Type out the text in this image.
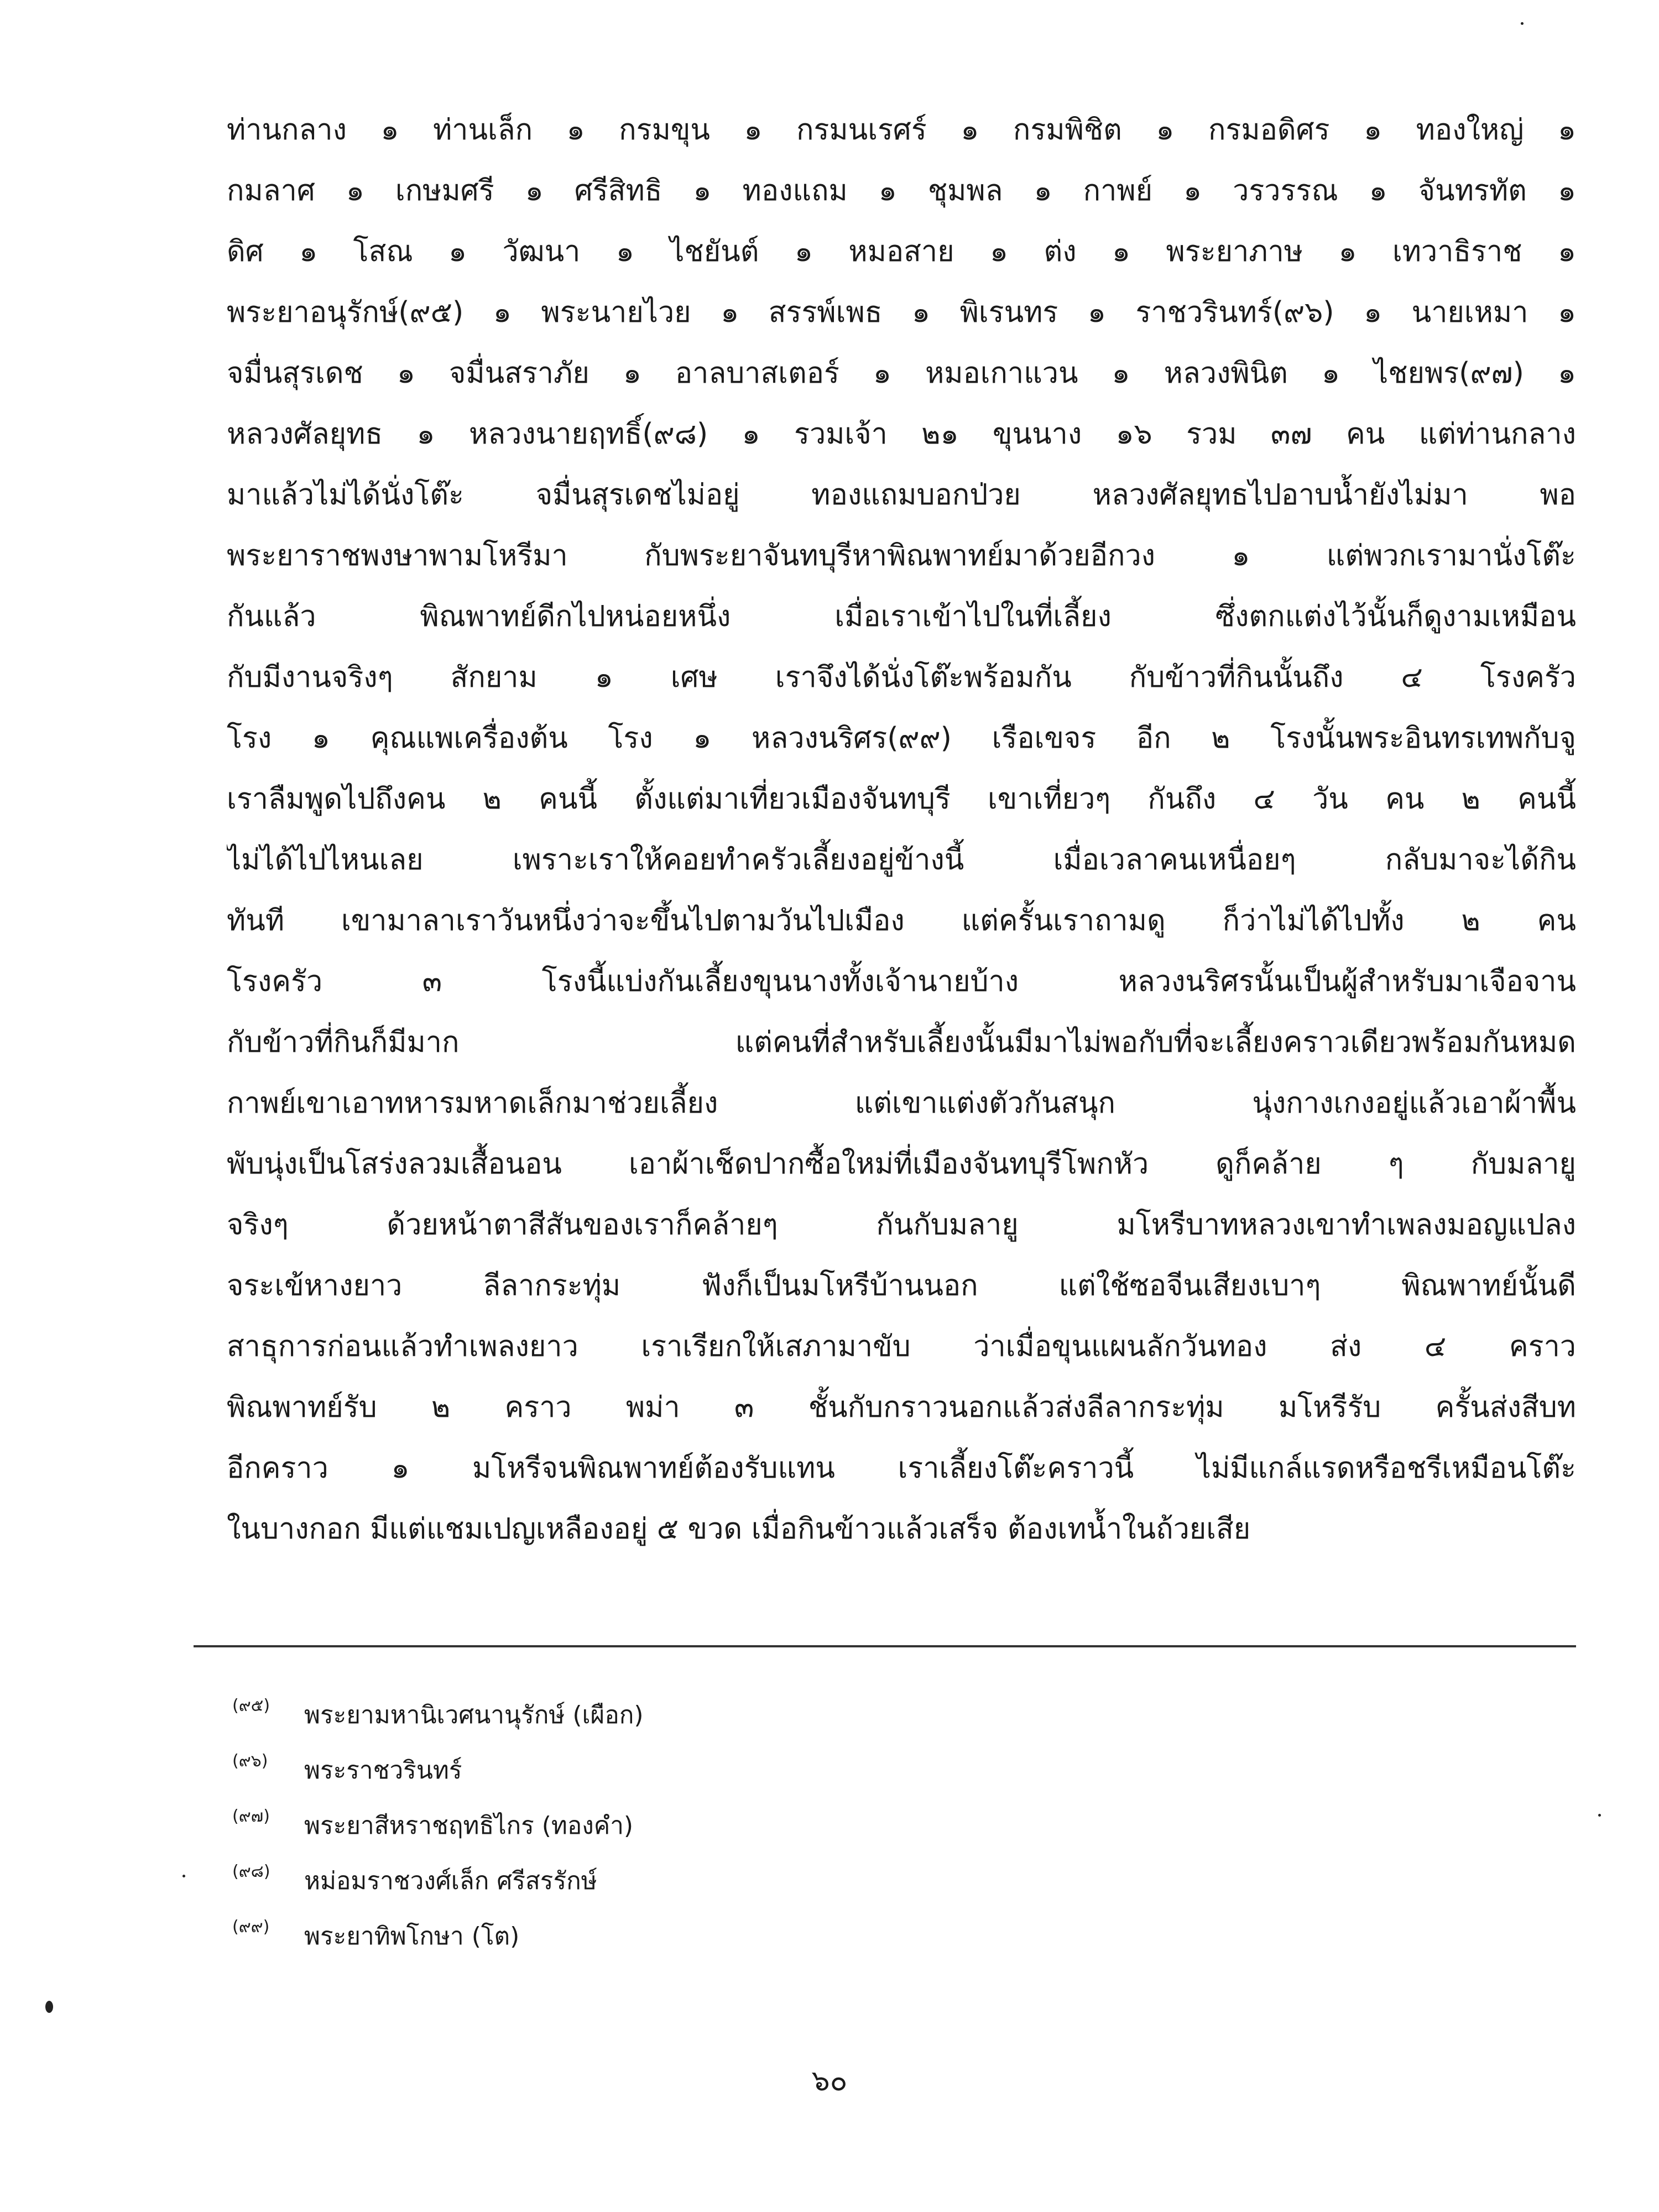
ท่านกลาง ๑ ท่านเล็ก ๑ กรมขุน ๑ กรมนเรศร์ ๑ กรมพิชิต ๑ กรมอดิศร ๑ ทองใหญ่ ๑
กมลาศ ๑ เกษมศรี ๑ ศรีสิทธิ ๑ ทองแถม ๑ ชุมพล ๑ กาพย์ ๑ วรวรรณ ๑ จันทรทัต ๑
ดิศ ๑ โสณ ๑ วัฒนา ๑ ไชยันต์ ๑ หมอสาย ๑ ต่ง ๑ พระยาภาษ ๑ เทวาธิราช ๑
พระยาอนุรักษ์(๙๕) ๑ พระนายไวย ๑ สรรพ์เพธ ๑ พิเรนทร ๑ ราชวรินทร์(๙๖) ๑ นายเหมา ๑
จมื่นสุรเดช ๑ จมื่นสราภัย ๑ อาลบาสเตอร์ ๑ หมอเกาแวน ๑ หลวงพินิต ๑ ไชยพร(๙๗) ๑
หลวงศัลยุทธ ๑ หลวงนายฤทธิ์(๙๘) ๑ รวมเจ้า ๒๑ ขุนนาง ๑๖ รวม ๓๗ คน แต่ท่านกลาง
มาแล้วไม่ได้นั่งโต๊ะ จมื่นสุรเดชไม่อยู่ ทองแถมบอกป่วย หลวงศัลยุทธไปอาบน้ำยังไม่มา พอ
พระยาราชพงษาพามโหรีมา กับพระยาจันทบุรีหาพิณพาทย์มาด้วยอีกวง ๑ แต่พวกเรามานั่งโต๊ะ
กันแล้ว พิณพาทย์ดีกไปหน่อยหนึ่ง เมื่อเราเข้าไปในที่เลี้ยง ซึ่งตกแต่งไว้นั้นก็ดูงามเหมือน
กับมีงานจริงๆ สักยาม ๑ เศษ เราจึงได้นั่งโต๊ะพร้อมกัน กับข้าวที่กินนั้นถึง ๔ โรงครัว
โรง ๑ คุณแพเครื่องต้น โรง ๑ หลวงนริศร(๙๙) เรือเขจร อีก ๒ โรงนั้นพระอินทรเทพกับจู
เราลืมพูดไปถึงคน ๒ คนนี้ ตั้งแต่มาเที่ยวเมืองจันทบุรี เขาเที่ยวๆ กันถึง ๔ วัน คน ๒ คนนี้
ไม่ได้ไปไหนเลย เพราะเราให้คอยทำครัวเลี้ยงอยู่ข้างนี้ เมื่อเวลาคนเหนื่อยๆ กลับมาจะได้กิน
ทันที เขามาลาเราวันหนึ่งว่าจะขึ้นไปตามวันไปเมือง แต่ครั้นเราถามดู ก็ว่าไม่ได้ไปทั้ง ๒ คน
โรงครัว ๓ โรงนี้แบ่งกันเลี้ยงขุนนางทั้งเจ้านายบ้าง หลวงนริศรนั้นเป็นผู้สำหรับมาเจือจาน
กับข้าวที่กินก็มีมาก แต่คนที่สำหรับเลี้ยงนั้นมีมาไม่พอกับที่จะเลี้ยงคราวเดียวพร้อมกันหมด
กาพย์เขาเอาทหารมหาดเล็กมาช่วยเลี้ยง แต่เขาแต่งตัวกันสนุก นุ่งกางเกงอยู่แล้วเอาผ้าพื้น
พับนุ่งเป็นโสร่งลวมเสื้อนอน เอาผ้าเช็ดปากซื้อใหม่ที่เมืองจันทบุรีโพกหัว ดูก็คล้าย ๆ กับมลายู
จริงๆ ด้วยหน้าตาสีสันของเราก็คล้ายๆ กันกับมลายู มโหรีบาทหลวงเขาทำเพลงมอญแปลง
จระเข้หางยาว ลีลากระทุ่ม ฟังก็เป็นมโหรีบ้านนอก แต่ใช้ซอจีนเสียงเบาๆ พิณพาทย์นั้นดี
สาธุการก่อนแล้วทำเพลงยาว เราเรียกให้เสภามาขับ ว่าเมื่อขุนแผนลักวันทอง ส่ง ๔ คราว
พิณพาทย์รับ ๒ คราว พม่า ๓ ชั้นกับกราวนอกแล้วส่งลีลากระทุ่ม มโหรีรับ ครั้นส่งสีบท
อีกคราว ๑ มโหรีจนพิณพาทย์ต้องรับแทน เราเลี้ยงโต๊ะคราวนี้ ไม่มีแกล์แรดหรือชรีเหมือนโต๊ะ
ในบางกอก มีแต่แชมเปญเหลืองอยู่ ๕ ขวด เมื่อกินข้าวแล้วเสร็จ ต้องเทน้ำในถ้วยเสีย
(๙๕) พระยามหานิเวศนานุรักษ์ (เผือก)
(๙๖) พระราชวรินทร์
(๙๗) พระยาสีหราชฤทธิไกร (ทองคำ)
(๙๘) หม่อมราชวงศ์เล็ก ศรีสรรักษ์
(๙๙) พระยาทิพโกษา (โต)
๖๐
